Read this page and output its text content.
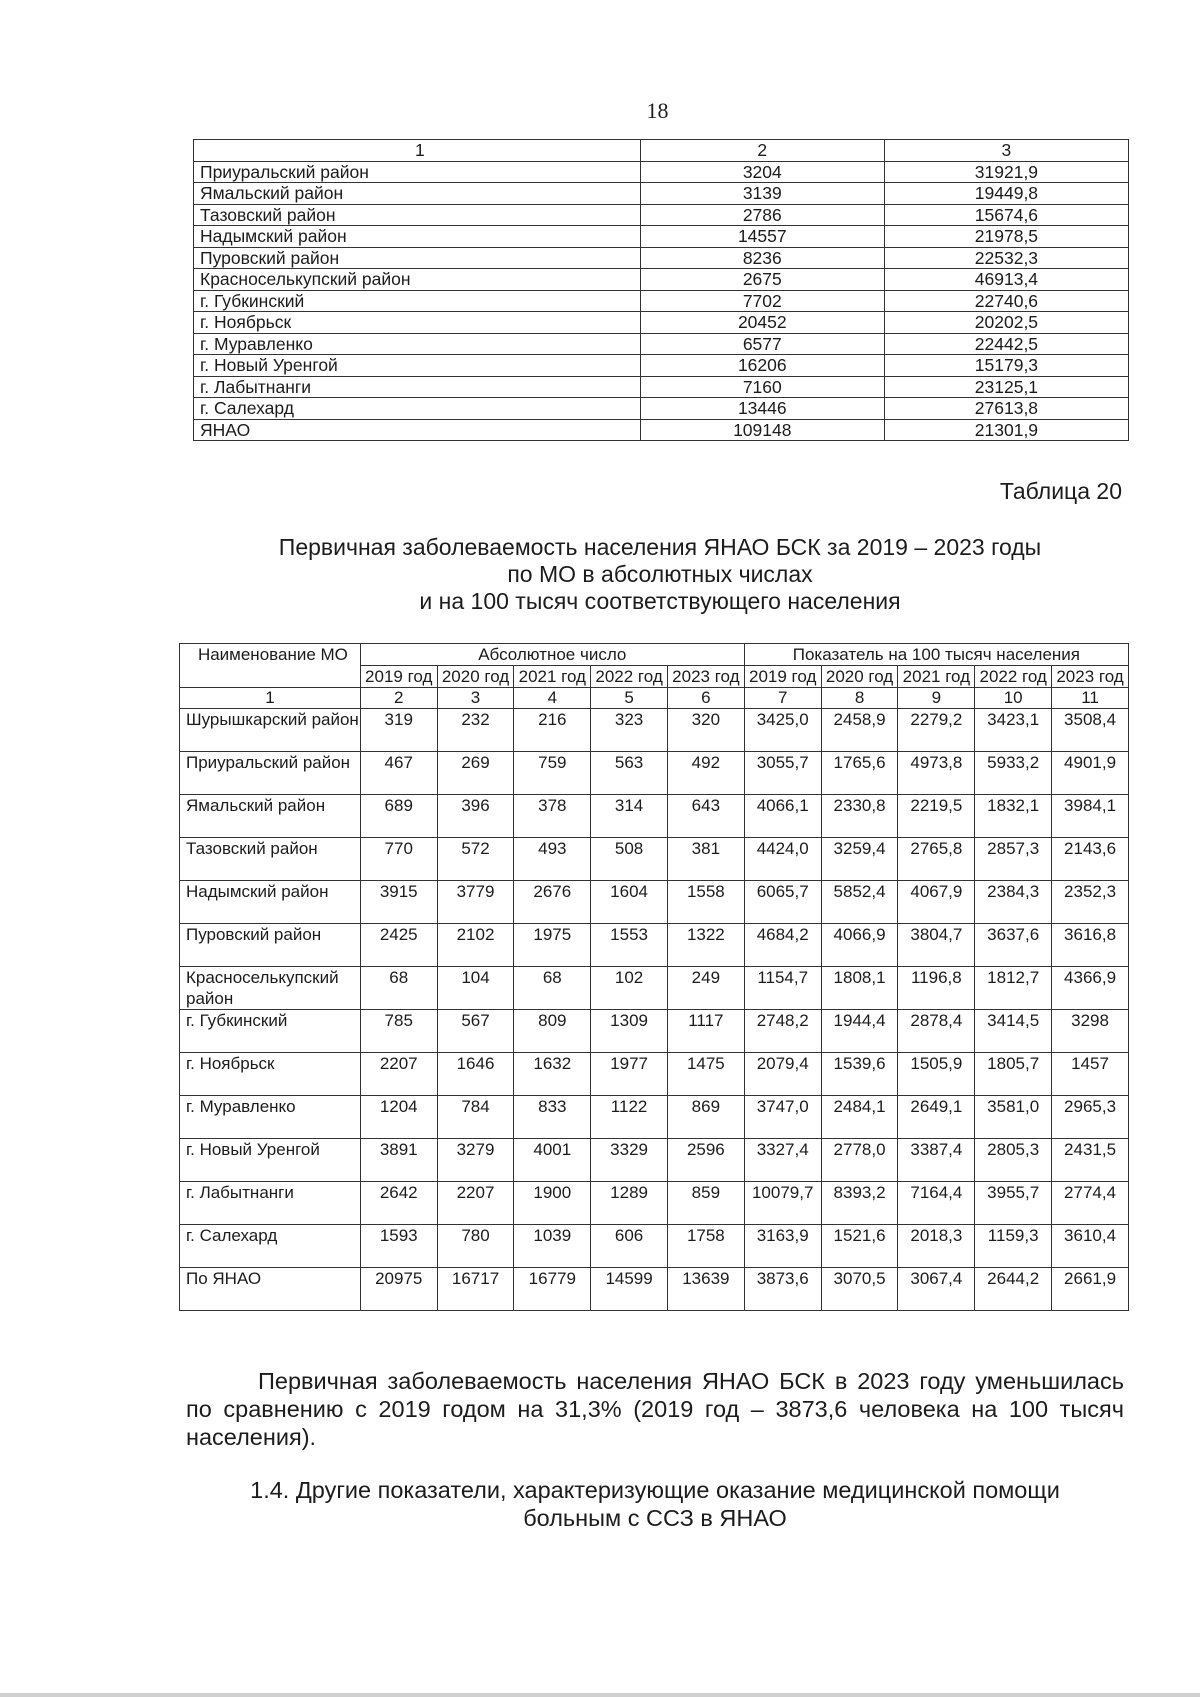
18
1	2	3
Приуральский район	3204	31921,9
Ямальский район	3139	19449,8
Тазовский район	2786	15674,6
Надымский район	14557	21978,5
Пуровский район	8236	22532,3
Красноселькупский район	2675	46913,4
г. Губкинский	7702	22740,6
г. Ноябрьск	20452	20202,5
г. Муравленко	6577	22442,5
г. Новый Уренгой	16206	15179,3
г. Лабытнанги	7160	23125,1
г. Салехард	13446	27613,8
ЯНАО	109148	21301,9
Таблица 20
Первичная заболеваемость населения ЯНАО БСК за 2019 – 2023 годы
по МО в абсолютных числах
и на 100 тысяч соответствующего населения
Наименование МО	Абсолютное число					Показатель на 100 тысяч населения				
	2019 год	2020 год	2021 год	2022 год	2023 год	2019 год	2020 год	2021 год	2022 год	2023 год
1	2	3	4	5	6	7	8	9	10	11
Шурышкарский район	319	232	216	323	320	3425,0	2458,9	2279,2	3423,1	3508,4
Приуральский район	467	269	759	563	492	3055,7	1765,6	4973,8	5933,2	4901,9
Ямальский район	689	396	378	314	643	4066,1	2330,8	2219,5	1832,1	3984,1
Тазовский район	770	572	493	508	381	4424,0	3259,4	2765,8	2857,3	2143,6
Надымский район	3915	3779	2676	1604	1558	6065,7	5852,4	4067,9	2384,3	2352,3
Пуровский район	2425	2102	1975	1553	1322	4684,2	4066,9	3804,7	3637,6	3616,8
Красноселькупский район	68	104	68	102	249	1154,7	1808,1	1196,8	1812,7	4366,9
г. Губкинский	785	567	809	1309	1117	2748,2	1944,4	2878,4	3414,5	3298
г. Ноябрьск	2207	1646	1632	1977	1475	2079,4	1539,6	1505,9	1805,7	1457
г. Муравленко	1204	784	833	1122	869	3747,0	2484,1	2649,1	3581,0	2965,3
г. Новый Уренгой	3891	3279	4001	3329	2596	3327,4	2778,0	3387,4	2805,3	2431,5
г. Лабытнанги	2642	2207	1900	1289	859	10079,7	8393,2	7164,4	3955,7	2774,4
г. Салехард	1593	780	1039	606	1758	3163,9	1521,6	2018,3	1159,3	3610,4
По ЯНАО	20975	16717	16779	14599	13639	3873,6	3070,5	3067,4	2644,2	2661,9
Первичная заболеваемость населения ЯНАО БСК в 2023 году уменьшилась по сравнению с 2019 годом на 31,3% (2019 год – 3873,6 человека на 100 тысяч населения).
1.4. Другие показатели, характеризующие оказание медицинской помощи
больным с ССЗ в ЯНАО
